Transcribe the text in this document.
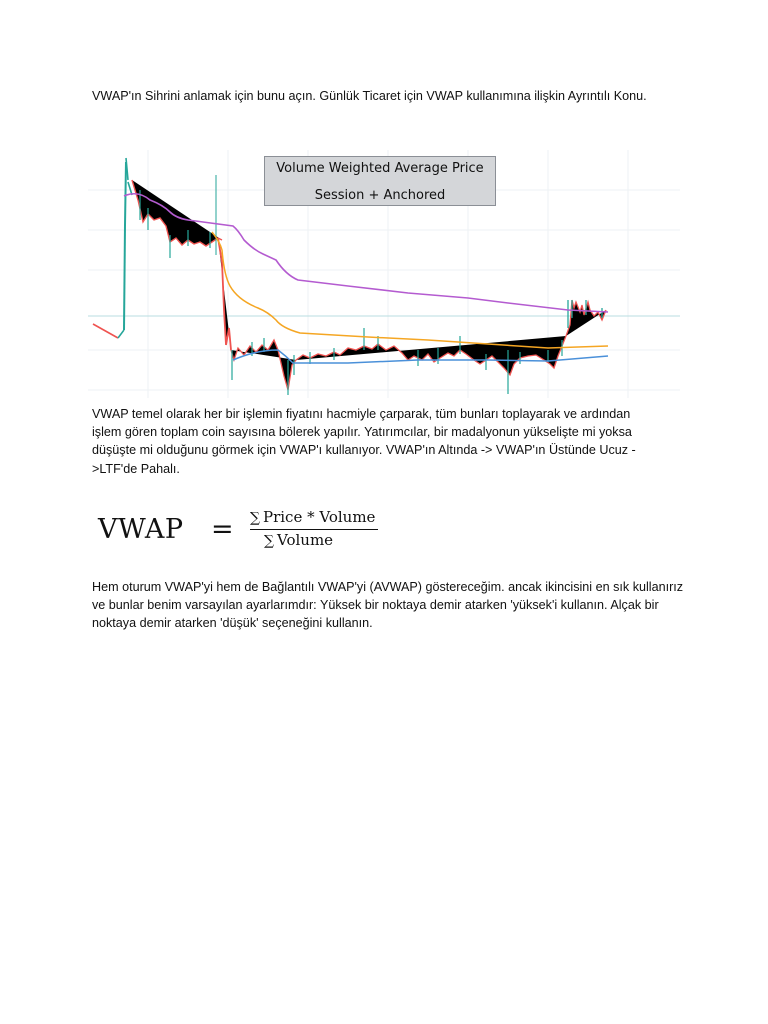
VWAP'ın Sihrini anlamak için bunu açın. Günlük Ticaret için VWAP kullanımına ilişkin Ayrıntılı Konu.

Volume Weighted Average Price
Session + Anchored

VWAP temel olarak her bir işlemin fiyatını hacmiyle çarparak, tüm bunları toplayarak ve ardından işlem gören toplam coin sayısına bölerek yapılır. Yatırımcılar, bir madalyonun yükselişte mi yoksa düşüşte mi olduğunu görmek için VWAP'ı kullanıyor. VWAP'ın Altında -> VWAP'ın Üstünde Ucuz ->LTF'de Pahalı.

VWAP = ∑ Price * Volume
∑ Volume

Hem oturum VWAP'yi hem de Bağlantılı VWAP'yi (AVWAP) göstereceğim. ancak ikincisini en sık kullanırız ve bunlar benim varsayılan ayarlarımdır: Yüksek bir noktaya demir atarken 'yüksek'i kullanın. Alçak bir noktaya demir atarken 'düşük' seçeneğini kullanın.
